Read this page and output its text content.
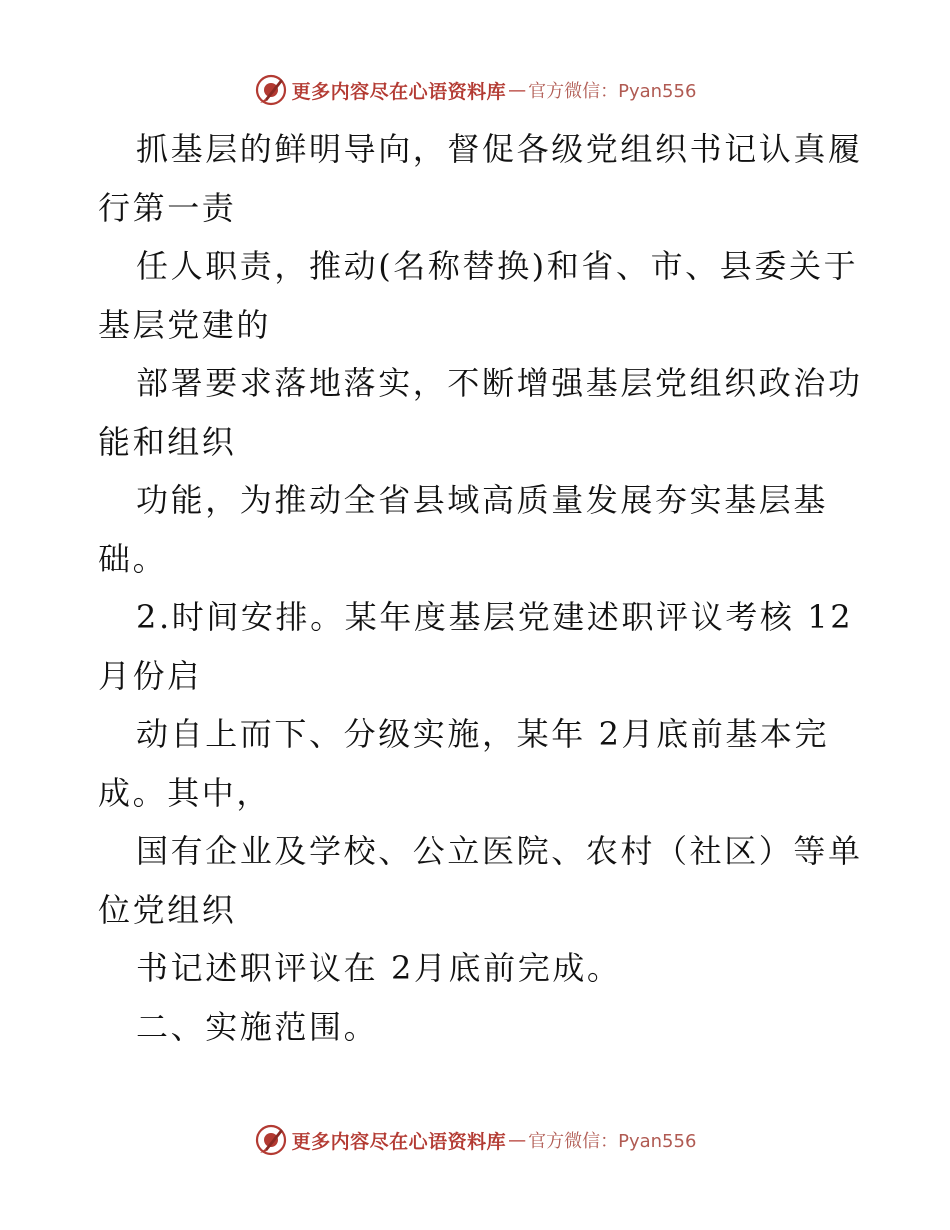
更多内容尽在心语资料库 — 官方微信：Pyan556
抓基层的鲜明导向，督促各级党组织书记认真履
行第一责
任人职责，推动(名称替换)和省、市、县委关于
基层党建的
部署要求落地落实，不断增强基层党组织政治功
能和组织
功能，为推动全省县域高质量发展夯实基层基
础。
2.时间安排。某年度基层党建述职评议考核 12
月份启
动自上而下、分级实施，某年 2月底前基本完
成。其中，
国有企业及学校、公立医院、农村（社区）等单
位党组织
书记述职评议在 2月底前完成。
二、实施范围。
更多内容尽在心语资料库 — 官方微信：Pyan556
